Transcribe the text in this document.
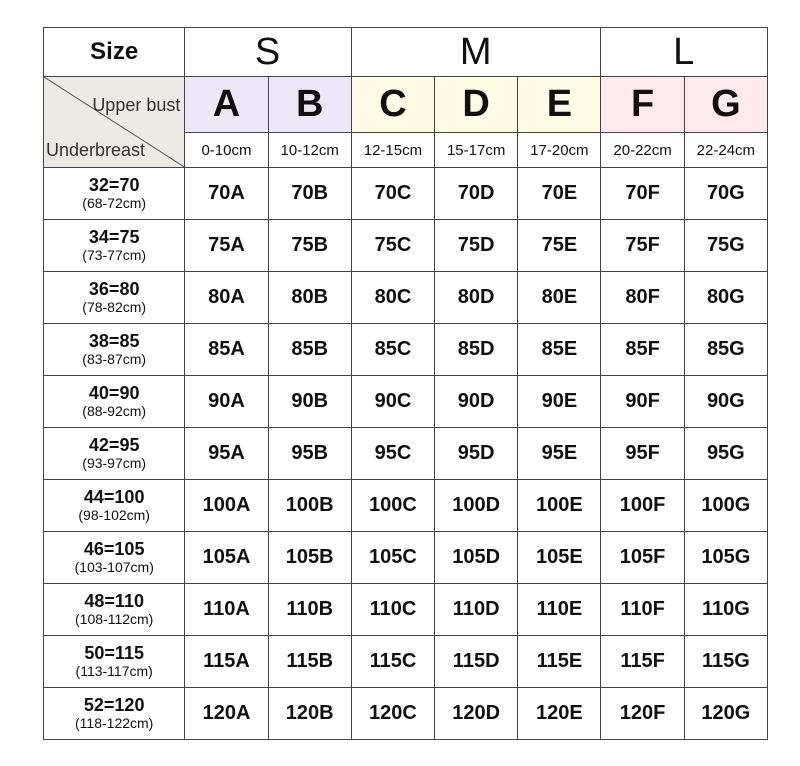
Size	S		M			L	

Upper bust
Underbreast	A	B	C	D	E	F	G
	0-10cm	10-12cm	12-15cm	15-17cm	17-20cm	20-22cm	22-24cm

32=70
(68-72cm)	70A	70B	70C	70D	70E	70F	70G

34=75
(73-77cm)	75A	75B	75C	75D	75E	75F	75G

36=80
(78-82cm)	80A	80B	80C	80D	80E	80F	80G

38=85
(83-87cm)	85A	85B	85C	85D	85E	85F	85G

40=90
(88-92cm)	90A	90B	90C	90D	90E	90F	90G

42=95
(93-97cm)	95A	95B	95C	95D	95E	95F	95G

44=100
(98-102cm)	100A	100B	100C	100D	100E	100F	100G

46=105
(103-107cm)	105A	105B	105C	105D	105E	105F	105G

48=110
(108-112cm)	110A	110B	110C	110D	110E	110F	110G

50=115
(113-117cm)	115A	115B	115C	115D	115E	115F	115G

52=120
(118-122cm)	120A	120B	120C	120D	120E	120F	120G
